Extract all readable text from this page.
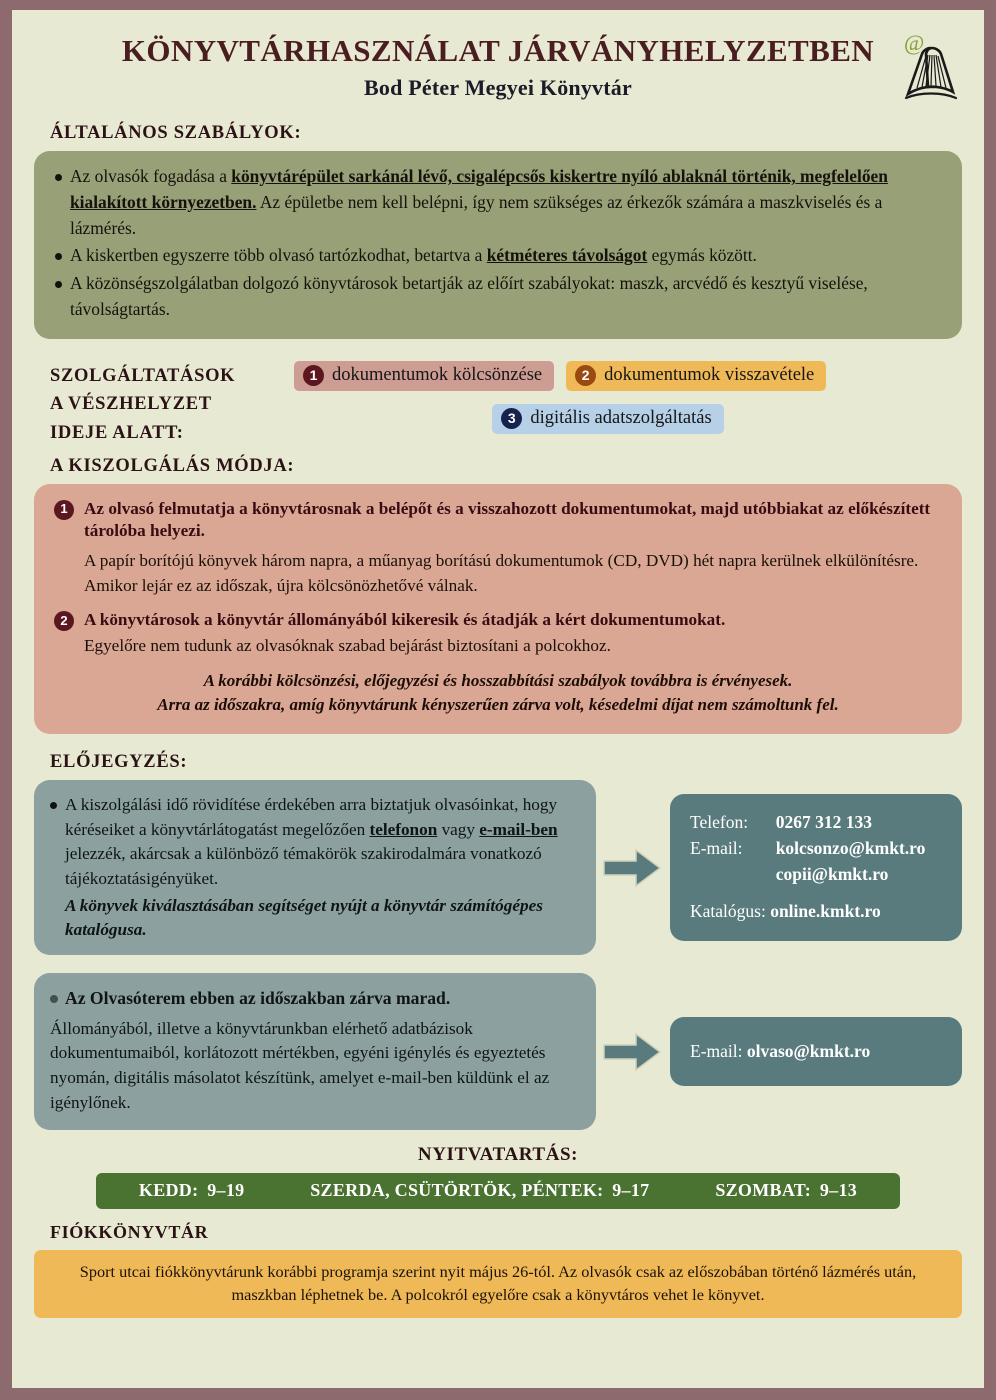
KÖNYVTÁRHASZNÁLAT JÁRVÁNYHELYZETBEN
Bod Péter Megyei Könyvtár
@
ÁLTALÁNOS SZABÁLYOK:
Az olvasók fogadása a könyvtárépület sarkánál lévő, csigalépcsős kiskertre nyíló ablaknál történik, megfelelően kialakított környezetben. Az épületbe nem kell belépni, így nem szükséges az érkezők számára a maszkviselés és a lázmérés.
A kiskertben egyszerre több olvasó tartózkodhat, betartva a kétméteres távolságot egymás között.
A közönségszolgálatban dolgozó könyvtárosok betartják az előírt szabályokat: maszk, arcvédő és kesztyű viselése, távolságtartás.
SZOLGÁLTATÁSOK
A VÉSZHELYZET
IDEJE ALATT:
1 dokumentumok kölcsönzése	2 dokumentumok visszavétele
3 digitális adatszolgáltatás
A KISZOLGÁLÁS MÓDJA:
1 Az olvasó felmutatja a könyvtárosnak a belépőt és a visszahozott dokumentumokat, majd utóbbiakat az előkészített tárolóba helyezi.
A papír borítójú könyvek három napra, a műanyag borítású dokumentumok (CD, DVD) hét napra kerülnek elkülönítésre. Amikor lejár ez az időszak, újra kölcsönözhetővé válnak.
2 A könyvtárosok a könyvtár állományából kikeresik és átadják a kért dokumentumokat.
Egyelőre nem tudunk az olvasóknak szabad bejárást biztosítani a polcokhoz.
A korábbi kölcsönzési, előjegyzési és hosszabbítási szabályok továbbra is érvényesek.
Arra az időszakra, amíg könyvtárunk kényszerűen zárva volt, késedelmi díjat nem számoltunk fel.
ELŐJEGYZÉS:
A kiszolgálási idő rövidítése érdekében arra biztatjuk olvasóinkat, hogy kéréseiket a könyvtárlátogatást megelőzően telefonon vagy e-mail-ben jelezzék, akárcsak a különböző témakörök szakirodalmára vonatkozó tájékoztatásigényüket.
A könyvek kiválasztásában segítséget nyújt a könyvtár számítógépes katalógusa.
Telefon:	0267 312 133
E-mail:	kolcsonzo@kmkt.ro
copii@kmkt.ro
Katalógus: online.kmkt.ro
Az Olvasóterem ebben az időszakban zárva marad.
Állományából, illetve a könyvtárunkban elérhető adatbázisok dokumentumaiból, korlátozott mértékben, egyéni igénylés és egyeztetés nyomán, digitális másolatot készítünk, amelyet e-mail-ben küldünk el az igénylőnek.
E-mail: olvaso@kmkt.ro
NYITVATARTÁS:
KEDD: 9–19	SZERDA, CSÜTÖRTÖK, PÉNTEK: 9–17	SZOMBAT: 9–13
FIÓKKÖNYVTÁR
Sport utcai fiókkönyvtárunk korábbi programja szerint nyit május 26-tól. Az olvasók csak az előszobában történő lázmérés után, maszkban léphetnek be. A polcokról egyelőre csak a könyvtáros vehet le könyvet.
